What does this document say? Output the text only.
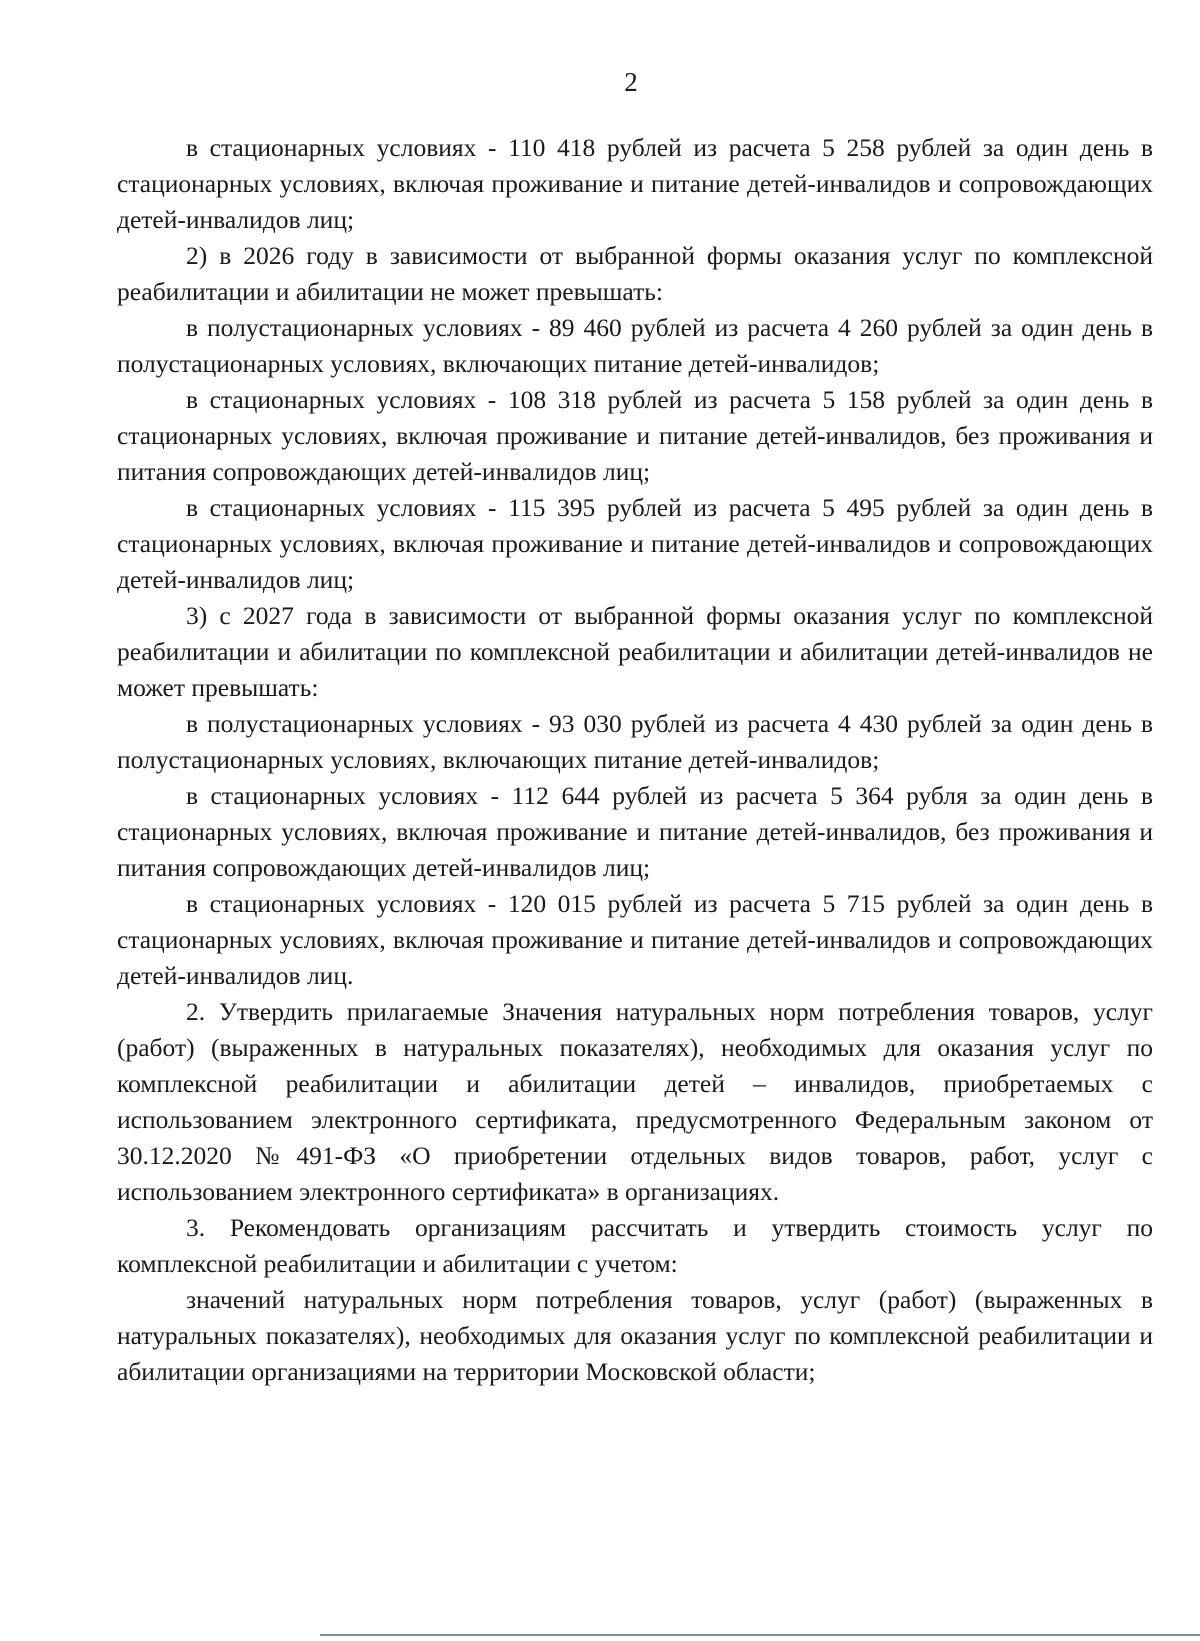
2

в стационарных условиях - 110 418 рублей из расчета 5 258 рублей за один день в стационарных условиях, включая проживание и питание детей-инвалидов и сопровождающих детей-инвалидов лиц;

2) в 2026 году в зависимости от выбранной формы оказания услуг по комплексной реабилитации и абилитации не может превышать:

в полустационарных условиях - 89 460 рублей из расчета 4 260 рублей за один день в полустационарных условиях, включающих питание детей-инвалидов;

в стационарных условиях - 108 318 рублей из расчета 5 158 рублей за один день в стационарных условиях, включая проживание и питание детей-инвалидов, без проживания и питания сопровождающих детей-инвалидов лиц;

в стационарных условиях - 115 395 рублей из расчета 5 495 рублей за один день в стационарных условиях, включая проживание и питание детей-инвалидов и сопровождающих детей-инвалидов лиц;

3) с 2027 года в зависимости от выбранной формы оказания услуг по комплексной реабилитации и абилитации по комплексной реабилитации и абилитации детей-инвалидов не может превышать:

в полустационарных условиях - 93 030 рублей из расчета 4 430 рублей за один день в полустационарных условиях, включающих питание детей-инвалидов;

в стационарных условиях - 112 644 рублей из расчета 5 364 рубля за один день в стационарных условиях, включая проживание и питание детей-инвалидов, без проживания и питания сопровождающих детей-инвалидов лиц;

в стационарных условиях - 120 015 рублей из расчета 5 715 рублей за один день в стационарных условиях, включая проживание и питание детей-инвалидов и сопровождающих детей-инвалидов лиц.

2. Утвердить прилагаемые Значения натуральных норм потребления товаров, услуг (работ) (выраженных в натуральных показателях), необходимых для оказания услуг по комплексной реабилитации и абилитации детей – инвалидов, приобретаемых с использованием электронного сертификата, предусмотренного Федеральным законом от 30.12.2020 №491-ФЗ «О приобретении отдельных видов товаров, работ, услуг с использованием электронного сертификата» в организациях.

3. Рекомендовать организациям рассчитать и утвердить стоимость услуг по комплексной реабилитации и абилитации с учетом:

значений натуральных норм потребления товаров, услуг (работ) (выраженных в натуральных показателях), необходимых для оказания услуг по комплексной реабилитации и абилитации организациями на территории Московской области;
